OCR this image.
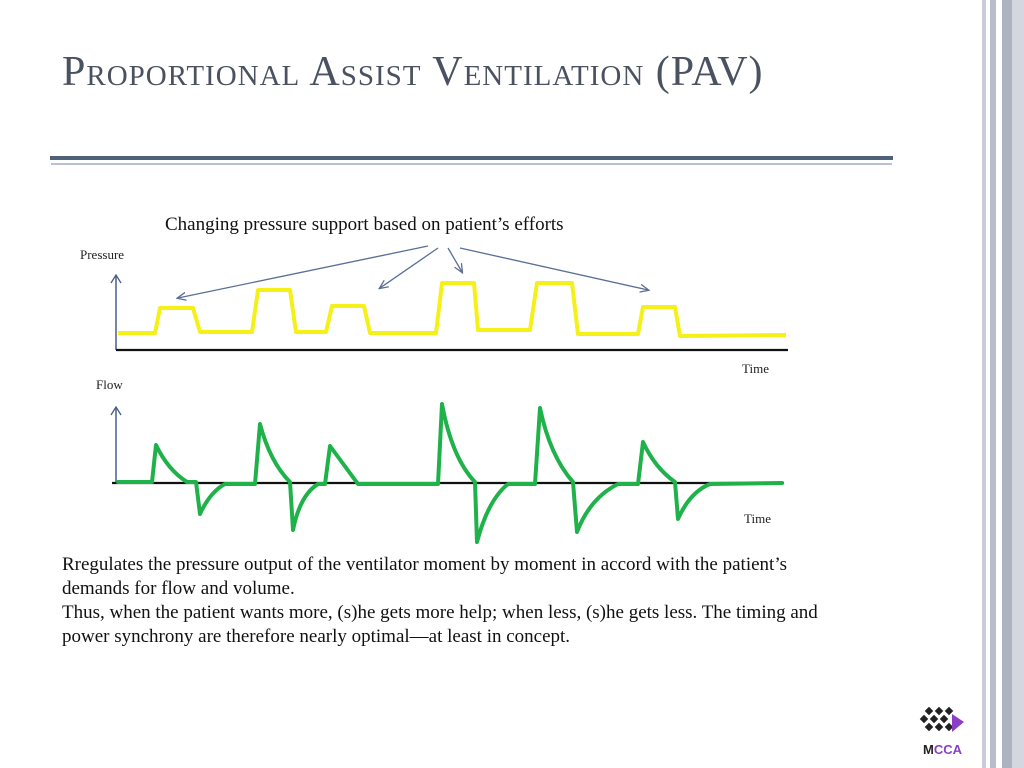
Proportional Assist Ventilation (PAV)
Changing pressure support based on patient’s efforts
Pressure
Time
Flow
Time

Rregulates the pressure output of the ventilator moment by moment in accord with the patient’s demands for flow and volume.

Thus, when the patient wants more, (s)he gets more help; when less, (s)he gets less. The timing and power synchrony are therefore nearly optimal—at least in concept.

MCCA
